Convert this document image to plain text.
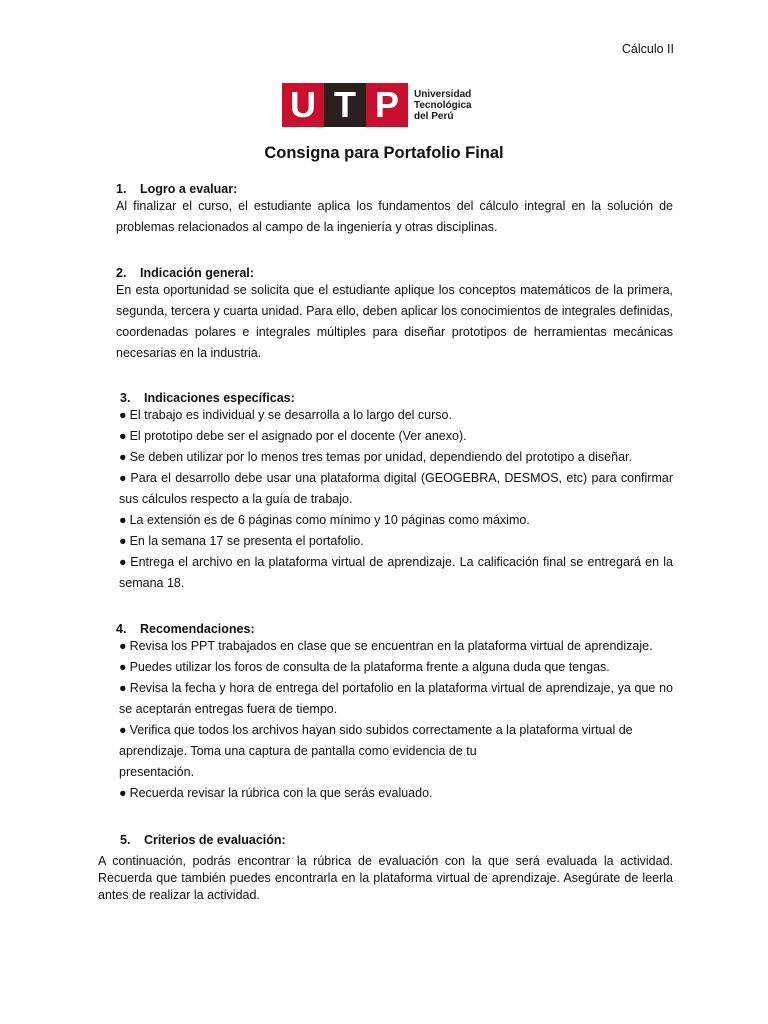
Cálculo II
U T P	Universidad
Tecnológica
del Perú
Consigna para Portafolio Final
1. Logro a evaluar:
Al finalizar el curso, el estudiante aplica los fundamentos del cálculo integral en la solución de problemas relacionados al campo de la ingeniería y otras disciplinas.
2. Indicación general:
En esta oportunidad se solicita que el estudiante aplique los conceptos matemáticos de la primera, segunda, tercera y cuarta unidad. Para ello, deben aplicar los conocimientos de integrales definidas, coordenadas polares e integrales múltiples para diseñar prototipos de herramientas mecánicas necesarias en la industria.
3. Indicaciones específicas:
● El trabajo es individual y se desarrolla a lo largo del curso.
● El prototipo debe ser el asignado por el docente (Ver anexo).
● Se deben utilizar por lo menos tres temas por unidad, dependiendo del prototipo a diseñar.
● Para el desarrollo debe usar una plataforma digital (GEOGEBRA, DESMOS, etc) para confirmar sus cálculos respecto a la guía de trabajo.
● La extensión es de 6 páginas como mínimo y 10 páginas como máximo.
● En la semana 17 se presenta el portafolio.
● Entrega el archivo en la plataforma virtual de aprendizaje. La calificación final se entregará en la semana 18.
4. Recomendaciones:
● Revisa los PPT trabajados en clase que se encuentran en la plataforma virtual de aprendizaje.
● Puedes utilizar los foros de consulta de la plataforma frente a alguna duda que tengas.
● Revisa la fecha y hora de entrega del portafolio en la plataforma virtual de aprendizaje, ya que no se aceptarán entregas fuera de tiempo.
● Verifica que todos los archivos hayan sido subidos correctamente a la plataforma virtual de aprendizaje. Toma una captura de pantalla como evidencia de tu
presentación.
● Recuerda revisar la rúbrica con la que serás evaluado.
5. Criterios de evaluación:
A continuación, podrás encontrar la rúbrica de evaluación con la que será evaluada la actividad. Recuerda que también puedes encontrarla en la plataforma virtual de aprendizaje. Asegúrate de leerla antes de realizar la actividad.
